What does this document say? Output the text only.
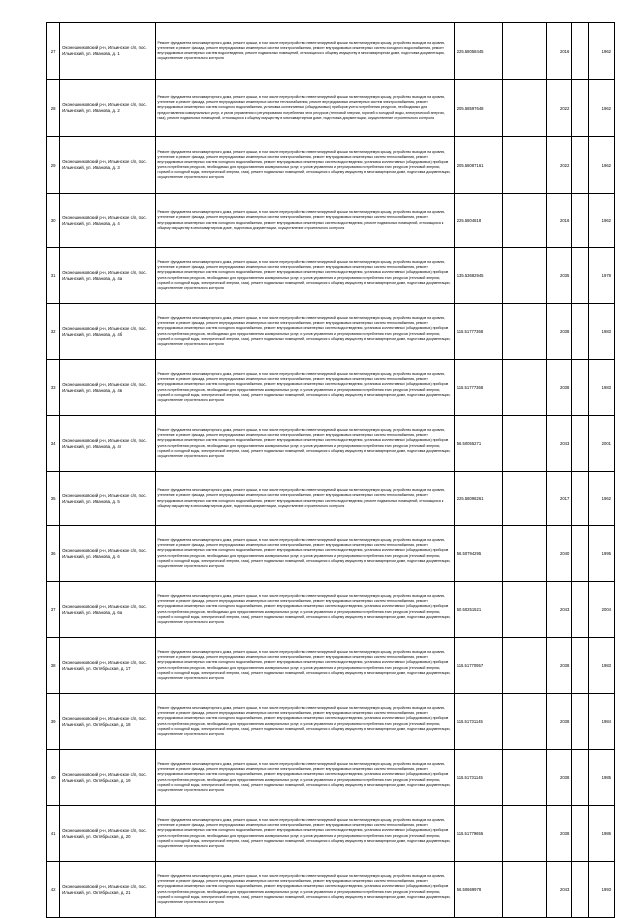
27	Оконешниковский р-н, Ильинское с/п, пос. Ильинский, ул. Иванова, д. 1	Ремонт фундамента многоквартирного дома, ремонт крыши, в том числе переустройство невентилируемой крыши на вентилируемую крышу, устройство выходов на кровлю, утепление и ремонт фасада, ремонт внутридомовых инженерных систем электроснабжения, ремонт внутридомовых инженерных систем холодного водоснабжения, ремонт внутридомовых инженерных систем водоотведения, ремонт подвальных помещений, относящихся к общему имуществу в многоквартирном доме, подготовка документации, осуществление строительного контроля	225.58058445		2016		1962
28	Оконешниковский р-н, Ильинское с/п, пос. Ильинский, ул. Иванова, д. 2	Ремонт фундамента многоквартирного дома, ремонт крыши, в том числе переустройство невентилируемой крыши на вентилируемую крышу, устройство выходов на кровлю, утепление и ремонт фасада, ремонт внутридомовых инженерных систем теплоснабжения, ремонт внутридомовых инженерных систем электроснабжения, ремонт внутридомовых инженерных систем холодного водоснабжения, установка коллективных (общедомовых) приборов учета потребления ресурсов, необходимых для предоставления коммунальных услуг, и узлов управления и регулирования потребления этих ресурсов (тепловой энергии, горячей и холодной воды, электрической энергии, газа), ремонт подвальных помещений, относящихся к общему имуществу в многоквартирном доме, подготовка документации, осуществление строительного контроля	205.58597648		2022		1962
29	Оконешниковский р-н, Ильинское с/п, пос. Ильинский, ул. Иванова, д. 3	Ремонт фундамента многоквартирного дома, ремонт крыши, в том числе переустройство невентилируемой крыши на вентилируемую крышу, устройство выходов на кровлю, утепление и ремонт фасада, ремонт внутридомовых инженерных систем электроснабжения, ремонт внутридомовых инженерных систем теплоснабжения, ремонт внутридомовых инженерных систем холодного водоснабжения, ремонт внутридомовых инженерных систем водоотведения, установка коллективных (общедомовых) приборов учета потребления ресурсов, необходимых для предоставления коммунальных услуг, и узлов управления и регулирования потребления этих ресурсов (тепловой энергии, горячей и холодной воды, электрической энергии, газа), ремонт подвальных помещений, относящихся к общему имуществу в многоквартирном доме, подготовка документации, осуществление строительного контроля	205.58087161		2022		1962
30	Оконешниковский р-н, Ильинское с/п, пос. Ильинский, ул. Иванова, д. 4	Ремонт фундамента многоквартирного дома, ремонт крыши, в том числе переустройство невентилируемой крыши на вентилируемую крышу, устройство выходов на кровлю, утепление и ремонт фасада, ремонт внутридомовых инженерных систем электроснабжения, ремонт внутридомовых инженерных систем теплоснабжения, ремонт внутридомовых инженерных систем холодного водоснабжения, ремонт внутридомовых инженерных систем водоотведения, ремонт подвальных помещений, относящихся к общему имуществу в многоквартирном доме, подготовка документации, осуществление строительного контроля	225.5804818		2016		1962
31	Оконешниковский р-н, Ильинское с/п, пос. Ильинский, ул. Иванова, д. 4а	Ремонт фундамента многоквартирного дома, ремонт крыши, в том числе переустройство невентилируемой крыши на вентилируемую крышу, устройство выходов на кровлю, утепление и ремонт фасада, ремонт внутридомовых инженерных систем электроснабжения, ремонт внутридомовых инженерных систем теплоснабжения, ремонт внутридомовых инженерных систем холодного водоснабжения, ремонт внутридомовых инженерных систем водоотведения, установка коллективных (общедомовых) приборов учета потребления ресурсов, необходимых для предоставления коммунальных услуг, и узлов управления и регулирования потребления этих ресурсов (тепловой энергии, горячей и холодной воды, электрической энергии, газа), ремонт подвальных помещений, относящихся к общему имуществу в многоквартирном доме, подготовка документации, осуществление строительного контроля	135.53682945		2035		1978
32	Оконешниковский р-н, Ильинское с/п, пос. Ильинский, ул. Иванова, д. 4б	Ремонт фундамента многоквартирного дома, ремонт крыши, в том числе переустройство невентилируемой крыши на вентилируемую крышу, устройство выходов на кровлю, утепление и ремонт фасада, ремонт внутридомовых инженерных систем электроснабжения, ремонт внутридомовых инженерных систем теплоснабжения, ремонт внутридомовых инженерных систем холодного водоснабжения, ремонт внутридомовых инженерных систем водоотведения, установка коллективных (общедомовых) приборов учета потребления ресурсов, необходимых для предоставления коммунальных услуг, и узлов управления и регулирования потребления этих ресурсов (тепловой энергии, горячей и холодной воды, электрической энергии, газа), ремонт подвальных помещений, относящихся к общему имуществу в многоквартирном доме, подготовка документации, осуществление строительного контроля	115.51777368		2038		1983
33	Оконешниковский р-н, Ильинское с/п, пос. Ильинский, ул. Иванова, д. 4в	Ремонт фундамента многоквартирного дома, ремонт крыши, в том числе переустройство невентилируемой крыши на вентилируемую крышу, устройство выходов на кровлю, утепление и ремонт фасада, ремонт внутридомовых инженерных систем электроснабжения, ремонт внутридомовых инженерных систем теплоснабжения, ремонт внутридомовых инженерных систем холодного водоснабжения, ремонт внутридомовых инженерных систем водоотведения, установка коллективных (общедомовых) приборов учета потребления ресурсов, необходимых для предоставления коммунальных услуг, и узлов управления и регулирования потребления этих ресурсов (тепловой энергии, горячей и холодной воды, электрической энергии, газа), ремонт подвальных помещений, относящихся к общему имуществу в многоквартирном доме, подготовка документации, осуществление строительного контроля	115.51777368		2038		1983
34	Оконешниковский р-н, Ильинское с/п, пос. Ильинский, ул. Иванова, д. 4г	Ремонт фундамента многоквартирного дома, ремонт крыши, в том числе переустройство невентилируемой крыши на вентилируемую крышу, устройство выходов на кровлю, утепление и ремонт фасада, ремонт внутридомовых инженерных систем электроснабжения, ремонт внутридомовых инженерных систем теплоснабжения, ремонт внутридомовых инженерных систем холодного водоснабжения, ремонт внутридомовых инженерных систем водоотведения, установка коллективных (общедомовых) приборов учета потребления ресурсов, необходимых для предоставления коммунальных услуг, и узлов управления и регулирования потребления этих ресурсов (тепловой энергии, горячей и холодной воды, электрической энергии, газа), ремонт подвальных помещений, относящихся к общему имуществу в многоквартирном доме, подготовка документации, осуществление строительного контроля	56.50055271		2043		2001
35	Оконешниковский р-н, Ильинское с/п, пос. Ильинский, ул. Иванова, д. 5	Ремонт фундамента многоквартирного дома, ремонт крыши, в том числе переустройство невентилируемой крыши на вентилируемую крышу, устройство выходов на кровлю, утепление и ремонт фасада, ремонт внутридомовых инженерных систем электроснабжения, ремонт внутридомовых инженерных систем теплоснабжения, ремонт внутридомовых инженерных систем холодного водоснабжения, ремонт внутридомовых инженерных систем водоотведения, ремонт подвальных помещений, относящихся к общему имуществу в многоквартирном доме, подготовка документации, осуществление строительного контроля	225.58098261		2017		1962
36	Оконешниковский р-н, Ильинское с/п, пос. Ильинский, ул. Иванова, д. 6	Ремонт фундамента многоквартирного дома, ремонт крыши, в том числе переустройство невентилируемой крыши на вентилируемую крышу, устройство выходов на кровлю, утепление и ремонт фасада, ремонт внутридомовых инженерных систем электроснабжения, ремонт внутридомовых инженерных систем теплоснабжения, ремонт внутридомовых инженерных систем холодного водоснабжения, ремонт внутридомовых инженерных систем водоотведения, установка коллективных (общедомовых) приборов учета потребления ресурсов, необходимых для предоставления коммунальных услуг, и узлов управления и регулирования потребления этих ресурсов (тепловой энергии, горячей и холодной воды, электрической энергии, газа), ремонт подвальных помещений, относящихся к общему имуществу в многоквартирном доме, подготовка документации, осуществление строительного контроля	56.50794295		2040		1995
37	Оконешниковский р-н, Ильинское с/п, пос. Ильинский, ул. Иванова, д. 6а	Ремонт фундамента многоквартирного дома, ремонт крыши, в том числе переустройство невентилируемой крыши на вентилируемую крышу, устройство выходов на кровлю, утепление и ремонт фасада, ремонт внутридомовых инженерных систем электроснабжения, ремонт внутридомовых инженерных систем теплоснабжения, ремонт внутридомовых инженерных систем холодного водоснабжения, ремонт внутридомовых инженерных систем водоотведения, установка коллективных (общедомовых) приборов учета потребления ресурсов, необходимых для предоставления коммунальных услуг, и узлов управления и регулирования потребления этих ресурсов (тепловой энергии, горячей и холодной воды, электрической энергии, газа), ремонт подвальных помещений, относящихся к общему имуществу в многоквартирном доме, подготовка документации, осуществление строительного контроля	50.50251521		2043		2004
38	Оконешниковский р-н, Ильинское с/п, пос. Ильинский, ул. Октябрьская, д. 17	Ремонт фундамента многоквартирного дома, ремонт крыши, в том числе переустройство невентилируемой крыши на вентилируемую крышу, устройство выходов на кровлю, утепление и ремонт фасада, ремонт внутридомовых инженерных систем электроснабжения, ремонт внутридомовых инженерных систем теплоснабжения, ремонт внутридомовых инженерных систем холодного водоснабжения, ремонт внутридомовых инженерных систем водоотведения, установка коллективных (общедомовых) приборов учета потребления ресурсов, необходимых для предоставления коммунальных услуг, и узлов управления и регулирования потребления этих ресурсов (тепловой энергии, горячей и холодной воды, электрической энергии, газа), ремонт подвальных помещений, относящихся к общему имуществу в многоквартирном доме, подготовка документации, осуществление строительного контроля	115.51770957		2038		1983
39	Оконешниковский р-н, Ильинское с/п, пос. Ильинский, ул. Октябрьская, д. 18	Ремонт фундамента многоквартирного дома, ремонт крыши, в том числе переустройство невентилируемой крыши на вентилируемую крышу, устройство выходов на кровлю, утепление и ремонт фасада, ремонт внутридомовых инженерных систем электроснабжения, ремонт внутридомовых инженерных систем теплоснабжения, ремонт внутридомовых инженерных систем холодного водоснабжения, ремонт внутридомовых инженерных систем водоотведения, установка коллективных (общедомовых) приборов учета потребления ресурсов, необходимых для предоставления коммунальных услуг, и узлов управления и регулирования потребления этих ресурсов (тепловой энергии, горячей и холодной воды, электрической энергии, газа), ремонт подвальных помещений, относящихся к общему имуществу в многоквартирном доме, подготовка документации, осуществление строительного контроля	115.51731145		2038		1984
40	Оконешниковский р-н, Ильинское с/п, пос. Ильинский, ул. Октябрьская, д. 19	Ремонт фундамента многоквартирного дома, ремонт крыши, в том числе переустройство невентилируемой крыши на вентилируемую крышу, устройство выходов на кровлю, утепление и ремонт фасада, ремонт внутридомовых инженерных систем электроснабжения, ремонт внутридомовых инженерных систем теплоснабжения, ремонт внутридомовых инженерных систем холодного водоснабжения, ремонт внутридомовых инженерных систем водоотведения, установка коллективных (общедомовых) приборов учета потребления ресурсов, необходимых для предоставления коммунальных услуг, и узлов управления и регулирования потребления этих ресурсов (тепловой энергии, горячей и холодной воды, электрической энергии, газа), ремонт подвальных помещений, относящихся к общему имуществу в многоквартирном доме, подготовка документации, осуществление строительного контроля	115.51731145		2038		1985
41	Оконешниковский р-н, Ильинское с/п, пос. Ильинский, ул. Октябрьская, д. 20	Ремонт фундамента многоквартирного дома, ремонт крыши, в том числе переустройство невентилируемой крыши на вентилируемую крышу, устройство выходов на кровлю, утепление и ремонт фасада, ремонт внутридомовых инженерных систем электроснабжения, ремонт внутридомовых инженерных систем теплоснабжения, ремонт внутридомовых инженерных систем холодного водоснабжения, ремонт внутридомовых инженерных систем водоотведения, установка коллективных (общедомовых) приборов учета потребления ресурсов, необходимых для предоставления коммунальных услуг, и узлов управления и регулирования потребления этих ресурсов (тепловой энергии, горячей и холодной воды, электрической энергии, газа), ремонт подвальных помещений, относящихся к общему имуществу в многоквартирном доме, подготовка документации, осуществление строительного контроля	115.51779655		2038		1986
42	Оконешниковский р-н, Ильинское с/п, пос. Ильинский, ул. Октябрьская, д. 21	Ремонт фундамента многоквартирного дома, ремонт крыши, в том числе переустройство невентилируемой крыши на вентилируемую крышу, устройство выходов на кровлю, утепление и ремонт фасада, ремонт внутридомовых инженерных систем электроснабжения, ремонт внутридомовых инженерных систем теплоснабжения, ремонт внутридомовых инженерных систем холодного водоснабжения, ремонт внутридомовых инженерных систем водоотведения, установка коллективных (общедомовых) приборов учета потребления ресурсов, необходимых для предоставления коммунальных услуг, и узлов управления и регулирования потребления этих ресурсов (тепловой энергии, горячей и холодной воды, электрической энергии, газа), ремонт подвальных помещений, относящихся к общему имуществу в многоквартирном доме, подготовка документации, осуществление строительного контроля	56.50669978		2043		1993
